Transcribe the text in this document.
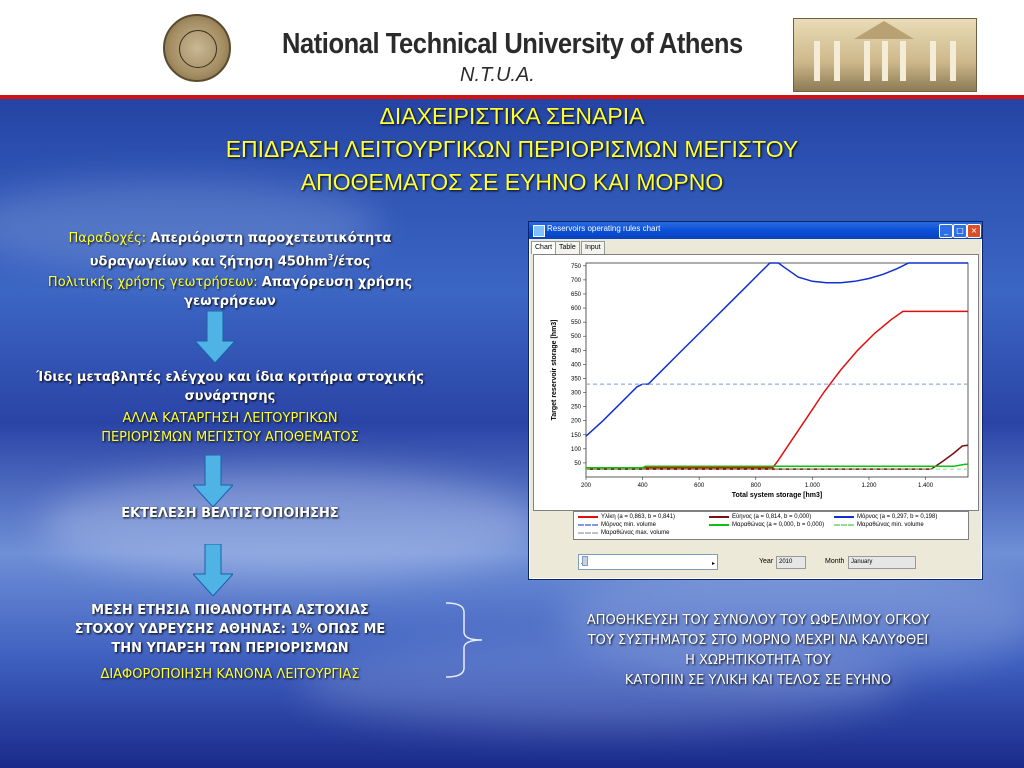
National Technical University of Athens
N.T.U.A.
ΔΙΑΧΕΙΡΙΣΤΙΚΑ ΣΕΝΑΡΙΑ
ΕΠΙΔΡΑΣΗ ΛΕΙΤΟΥΡΓΙΚΩΝ ΠΕΡΙΟΡΙΣΜΩΝ ΜΕΓΙΣΤΟΥ
ΑΠΟΘΕΜΑΤΟΣ ΣΕ ΕΥΗΝΟ ΚΑΙ ΜΟΡΝΟ
Παραδοχές: Απεριόριστη παροχετευτικότητα
υδραγωγείων και ζήτηση $450hm^3$/έτος
Πολιτικής χρήσης γεωτρήσεων: Απαγόρευση χρήσης
γεωτρήσεων
Ίδιες μεταβλητές ελέγχου και ίδια κριτήρια στοχικής
συνάρτησης
ΑΛΛΑ ΚΑΤΑΡΓΗΣΗ ΛΕΙΤΟΥΡΓΙΚΩΝ
ΠΕΡΙΟΡΙΣΜΩΝ ΜΕΓΙΣΤΟΥ ΑΠΟΘΕΜΑΤΟΣ
ΕΚΤΕΛΕΣΗ ΒΕΛΤΙΣΤΟΠΟΙΗΣΗΣ
ΜΕΣΗ ΕΤΗΣΙΑ ΠΙΘΑΝΟΤΗΤΑ ΑΣΤΟΧΙΑΣ
ΣΤΟΧΟΥ ΥΔΡΕΥΣΗΣ ΑΘΗΝΑΣ: 1% ΟΠΩΣ ΜΕ
ΤΗΝ ΥΠΑΡΞΗ ΤΩΝ ΠΕΡΙΟΡΙΣΜΩΝ
ΔΙΑΦΟΡΟΠΟΙΗΣΗ ΚΑΝΟΝΑ ΛΕΙΤΟΥΡΓΙΑΣ
ΑΠΟΘΗΚΕΥΣΗ ΤΟΥ ΣΥΝΟΛΟΥ ΤΟΥ ΩΦΕΛΙΜΟΥ ΟΓΚΟΥ
ΤΟΥ ΣΥΣΤΗΜΑΤΟΣ ΣΤΟ ΜΟΡΝΟ ΜΕΧΡΙ ΝΑ ΚΑΛΥΦΘΕΙ
Η ΧΩΡΗΤΙΚΟΤΗΤΑ ΤΟΥ
ΚΑΤΟΠΙΝ ΣΕ ΥΛΙΚΗ ΚΑΙ ΤΕΛΟΣ ΣΕ ΕΥΗΝΟ
Reservoirs operating rules chart	_	□ ×
Chart Table	Input
50
100
150
200
250
300
350
400
450
500
550
600
650
700
750
200	400	600	800	1.000	1.200	1.400
Total system storage [hm3]
Target reservoir storage [hm3]
Υλίκη (a = 0,863, b = 0,841)	Εύηνος (a = 0,814, b = 0,000)	Μόρνος (a = 0,297, b = 0,198)
Μόρνος min. volume	Μαραθώνας (a = 0,000, b = 0,000)	Μαραθώνας min. volume
Μαραθώνας max. volume
▸	Year 2010	Month	January
